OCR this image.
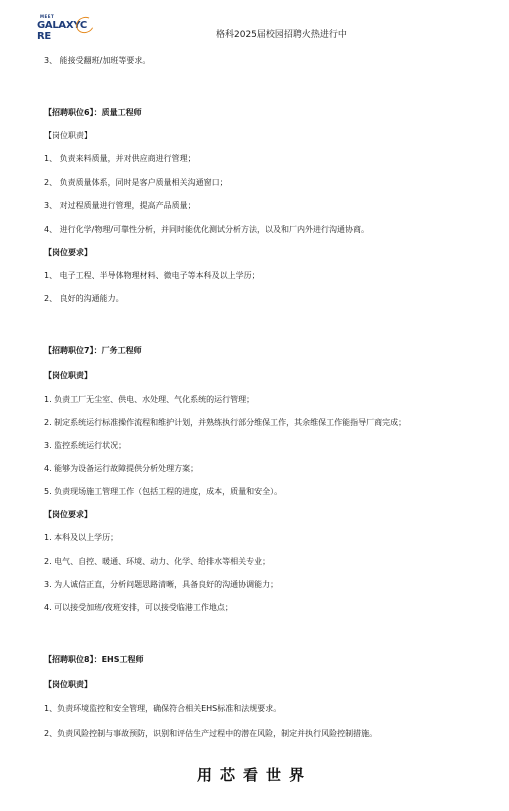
MEET
GALAXYC RE	格科2025届校园招聘火热进行中
3、 能接受翻班/加班等要求。
【招聘职位6】：质量工程师
【岗位职责】
1、 负责来料质量，并对供应商进行管理；
2、 负责质量体系，同时是客户质量相关沟通窗口；
3、 对过程质量进行管理，提高产品质量；
4、 进行化学/物理/可靠性分析，并同时能优化测试分析方法，以及和厂内外进行沟通协商。
【岗位要求】
1、 电子工程、半导体物理材料、微电子等本科及以上学历；
2、 良好的沟通能力。
【招聘职位7】：厂务工程师
【岗位职责】
1. 负责工厂无尘室、供电、水处理、气化系统的运行管理；
2. 制定系统运行标准操作流程和维护计划，并熟练执行部分维保工作，其余维保工作能指导厂商完成；
3. 监控系统运行状况；
4. 能够为设备运行故障提供分析处理方案；
5. 负责现场施工管理工作（包括工程的进度，成本，质量和安全）。
【岗位要求】
1. 本科及以上学历；
2. 电气、自控、暖通、环境、动力、化学、给排水等相关专业；
3. 为人诚信正直，分析问题思路清晰，具备良好的沟通协调能力；
4. 可以接受加班/夜班安排，可以接受临港工作地点；
【招聘职位8】：EHS工程师
【岗位职责】
1、负责环境监控和安全管理，确保符合相关EHS标准和法规要求。
2、负责风险控制与事故预防，识别和评估生产过程中的潜在风险，制定并执行风险控制措施。
用芯看世界
